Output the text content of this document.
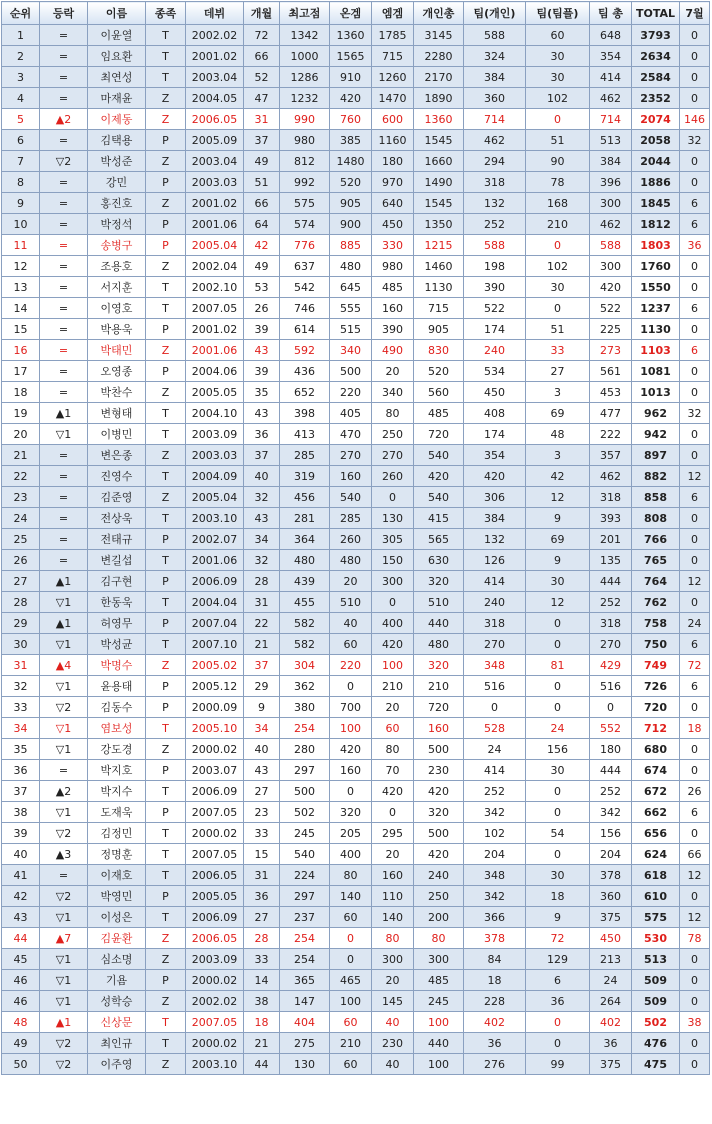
순위	등락	이름	종족	데뷔	개월	최고점	온겜	엠겜	개인총	팀(개인)	팀(팀플)	팀 총	TOTAL	7월
1	=	이윤열	T	2002.02	72	1342	1360	1785	3145	588	60	648	3793	0
2	=	임요환	T	2001.02	66	1000	1565	715	2280	324	30	354	2634	0
3	=	최연성	T	2003.04	52	1286	910	1260	2170	384	30	414	2584	0
4	=	마재윤	Z	2004.05	47	1232	420	1470	1890	360	102	462	2352	0
5	▲2	이제동	Z	2006.05	31	990	760	600	1360	714	0	714	2074	146
6	=	김택용	P	2005.09	37	980	385	1160	1545	462	51	513	2058	32
7	▽2	박성준	Z	2003.04	49	812	1480	180	1660	294	90	384	2044	0
8	=	강민	P	2003.03	51	992	520	970	1490	318	78	396	1886	0
9	=	홍진호	Z	2001.02	66	575	905	640	1545	132	168	300	1845	6
10	=	박정석	P	2001.06	64	574	900	450	1350	252	210	462	1812	6
11	=	송병구	P	2005.04	42	776	885	330	1215	588	0	588	1803	36
12	=	조용호	Z	2002.04	49	637	480	980	1460	198	102	300	1760	0
13	=	서지훈	T	2002.10	53	542	645	485	1130	390	30	420	1550	0
14	=	이영호	T	2007.05	26	746	555	160	715	522	0	522	1237	6
15	=	박용욱	P	2001.02	39	614	515	390	905	174	51	225	1130	0
16	=	박태민	Z	2001.06	43	592	340	490	830	240	33	273	1103	6
17	=	오영종	P	2004.06	39	436	500	20	520	534	27	561	1081	0
18	=	박찬수	Z	2005.05	35	652	220	340	560	450	3	453	1013	0
19	▲1	변형태	T	2004.10	43	398	405	80	485	408	69	477	962	32
20	▽1	이병민	T	2003.09	36	413	470	250	720	174	48	222	942	0
21	=	변은종	Z	2003.03	37	285	270	270	540	354	3	357	897	0
22	=	진영수	T	2004.09	40	319	160	260	420	420	42	462	882	12
23	=	김준영	Z	2005.04	32	456	540	0	540	306	12	318	858	6
24	=	전상욱	T	2003.10	43	281	285	130	415	384	9	393	808	0
25	=	전태규	P	2002.07	34	364	260	305	565	132	69	201	766	0
26	=	변길섭	T	2001.06	32	480	480	150	630	126	9	135	765	0
27	▲1	김구현	P	2006.09	28	439	20	300	320	414	30	444	764	12
28	▽1	한동욱	T	2004.04	31	455	510	0	510	240	12	252	762	0
29	▲1	허영무	P	2007.04	22	582	40	400	440	318	0	318	758	24
30	▽1	박성균	T	2007.10	21	582	60	420	480	270	0	270	750	6
31	▲4	박명수	Z	2005.02	37	304	220	100	320	348	81	429	749	72
32	▽1	윤용태	P	2005.12	29	362	0	210	210	516	0	516	726	6
33	▽2	김동수	P	2000.09	9	380	700	20	720	0	0	0	720	0
34	▽1	염보성	T	2005.10	34	254	100	60	160	528	24	552	712	18
35	▽1	강도경	Z	2000.02	40	280	420	80	500	24	156	180	680	0
36	=	박지호	P	2003.07	43	297	160	70	230	414	30	444	674	0
37	▲2	박지수	T	2006.09	27	500	0	420	420	252	0	252	672	26
38	▽1	도재욱	P	2007.05	23	502	320	0	320	342	0	342	662	6
39	▽2	김정민	T	2000.02	33	245	205	295	500	102	54	156	656	0
40	▲3	정명훈	T	2007.05	15	540	400	20	420	204	0	204	624	66
41	=	이재호	T	2006.05	31	224	80	160	240	348	30	378	618	12
42	▽2	박영민	P	2005.05	36	297	140	110	250	342	18	360	610	0
43	▽1	이성은	T	2006.09	27	237	60	140	200	366	9	375	575	12
44	▲7	김윤환	Z	2006.05	28	254	0	80	80	378	72	450	530	78
45	▽1	심소명	Z	2003.09	33	254	0	300	300	84	129	213	513	0
46	▽1	기욤	P	2000.02	14	365	465	20	485	18	6	24	509	0
46	▽1	성학승	Z	2002.02	38	147	100	145	245	228	36	264	509	0
48	▲1	신상문	T	2007.05	18	404	60	40	100	402	0	402	502	38
49	▽2	최인규	T	2000.02	21	275	210	230	440	36	0	36	476	0
50	▽2	이주영	Z	2003.10	44	130	60	40	100	276	99	375	475	0
